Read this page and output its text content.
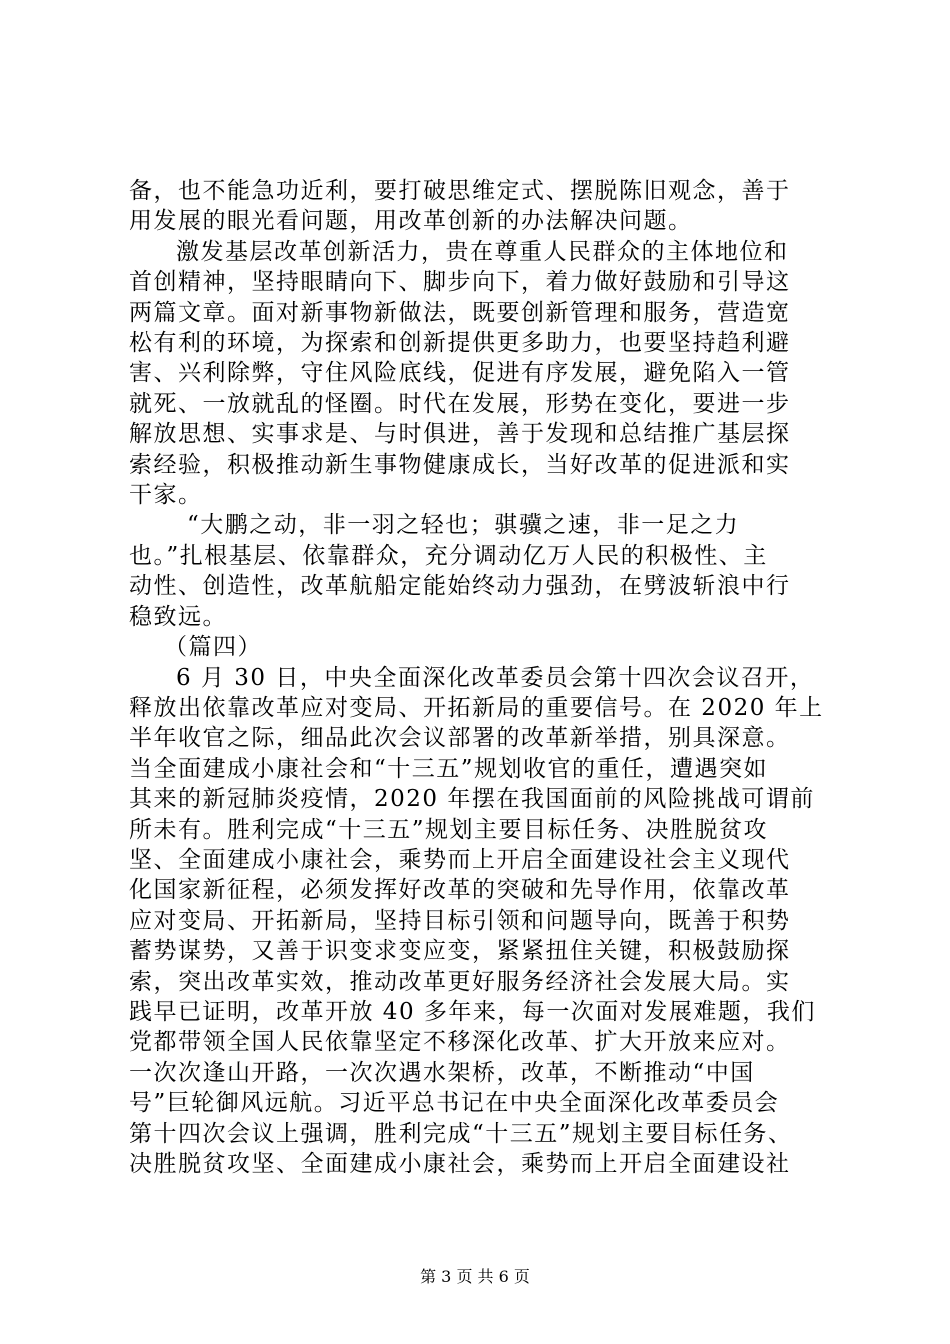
备，也不能急功近利，要打破思维定式、摆脱陈旧观念，善于
用发展的眼光看问题，用改革创新的办法解决问题。
激发基层改革创新活力，贵在尊重人民群众的主体地位和
首创精神，坚持眼睛向下、脚步向下，着力做好鼓励和引导这
两篇文章。面对新事物新做法，既要创新管理和服务，营造宽
松有利的环境，为探索和创新提供更多助力，也要坚持趋利避
害、兴利除弊，守住风险底线，促进有序发展，避免陷入一管
就死、一放就乱的怪圈。时代在发展，形势在变化，要进一步
解放思想、实事求是、与时俱进，善于发现和总结推广基层探
索经验，积极推动新生事物健康成长，当好改革的促进派和实
干家。
“大鹏之动，非一羽之轻也；骐骥之速，非一足之力
也。”扎根基层、依靠群众，充分调动亿万人民的积极性、主
动性、创造性，改革航船定能始终动力强劲，在劈波斩浪中行
稳致远。
（篇四）
6 月 30 日，中央全面深化改革委员会第十四次会议召开，
释放出依靠改革应对变局、开拓新局的重要信号。在 2020 年上
半年收官之际，细品此次会议部署的改革新举措，别具深意。
当全面建成小康社会和“十三五”规划收官的重任，遭遇突如
其来的新冠肺炎疫情，2020 年摆在我国面前的风险挑战可谓前
所未有。胜利完成“十三五”规划主要目标任务、决胜脱贫攻
坚、全面建成小康社会，乘势而上开启全面建设社会主义现代
化国家新征程，必须发挥好改革的突破和先导作用，依靠改革
应对变局、开拓新局，坚持目标引领和问题导向，既善于积势
蓄势谋势，又善于识变求变应变，紧紧扭住关键，积极鼓励探
索，突出改革实效，推动改革更好服务经济社会发展大局。实
践早已证明，改革开放 40 多年来，每一次面对发展难题，我们
党都带领全国人民依靠坚定不移深化改革、扩大开放来应对。
一次次逢山开路，一次次遇水架桥，改革，不断推动“中国
号”巨轮御风远航。习近平总书记在中央全面深化改革委员会
第十四次会议上强调，胜利完成“十三五”规划主要目标任务、
决胜脱贫攻坚、全面建成小康社会，乘势而上开启全面建设社
第 3 页 共 6 页
